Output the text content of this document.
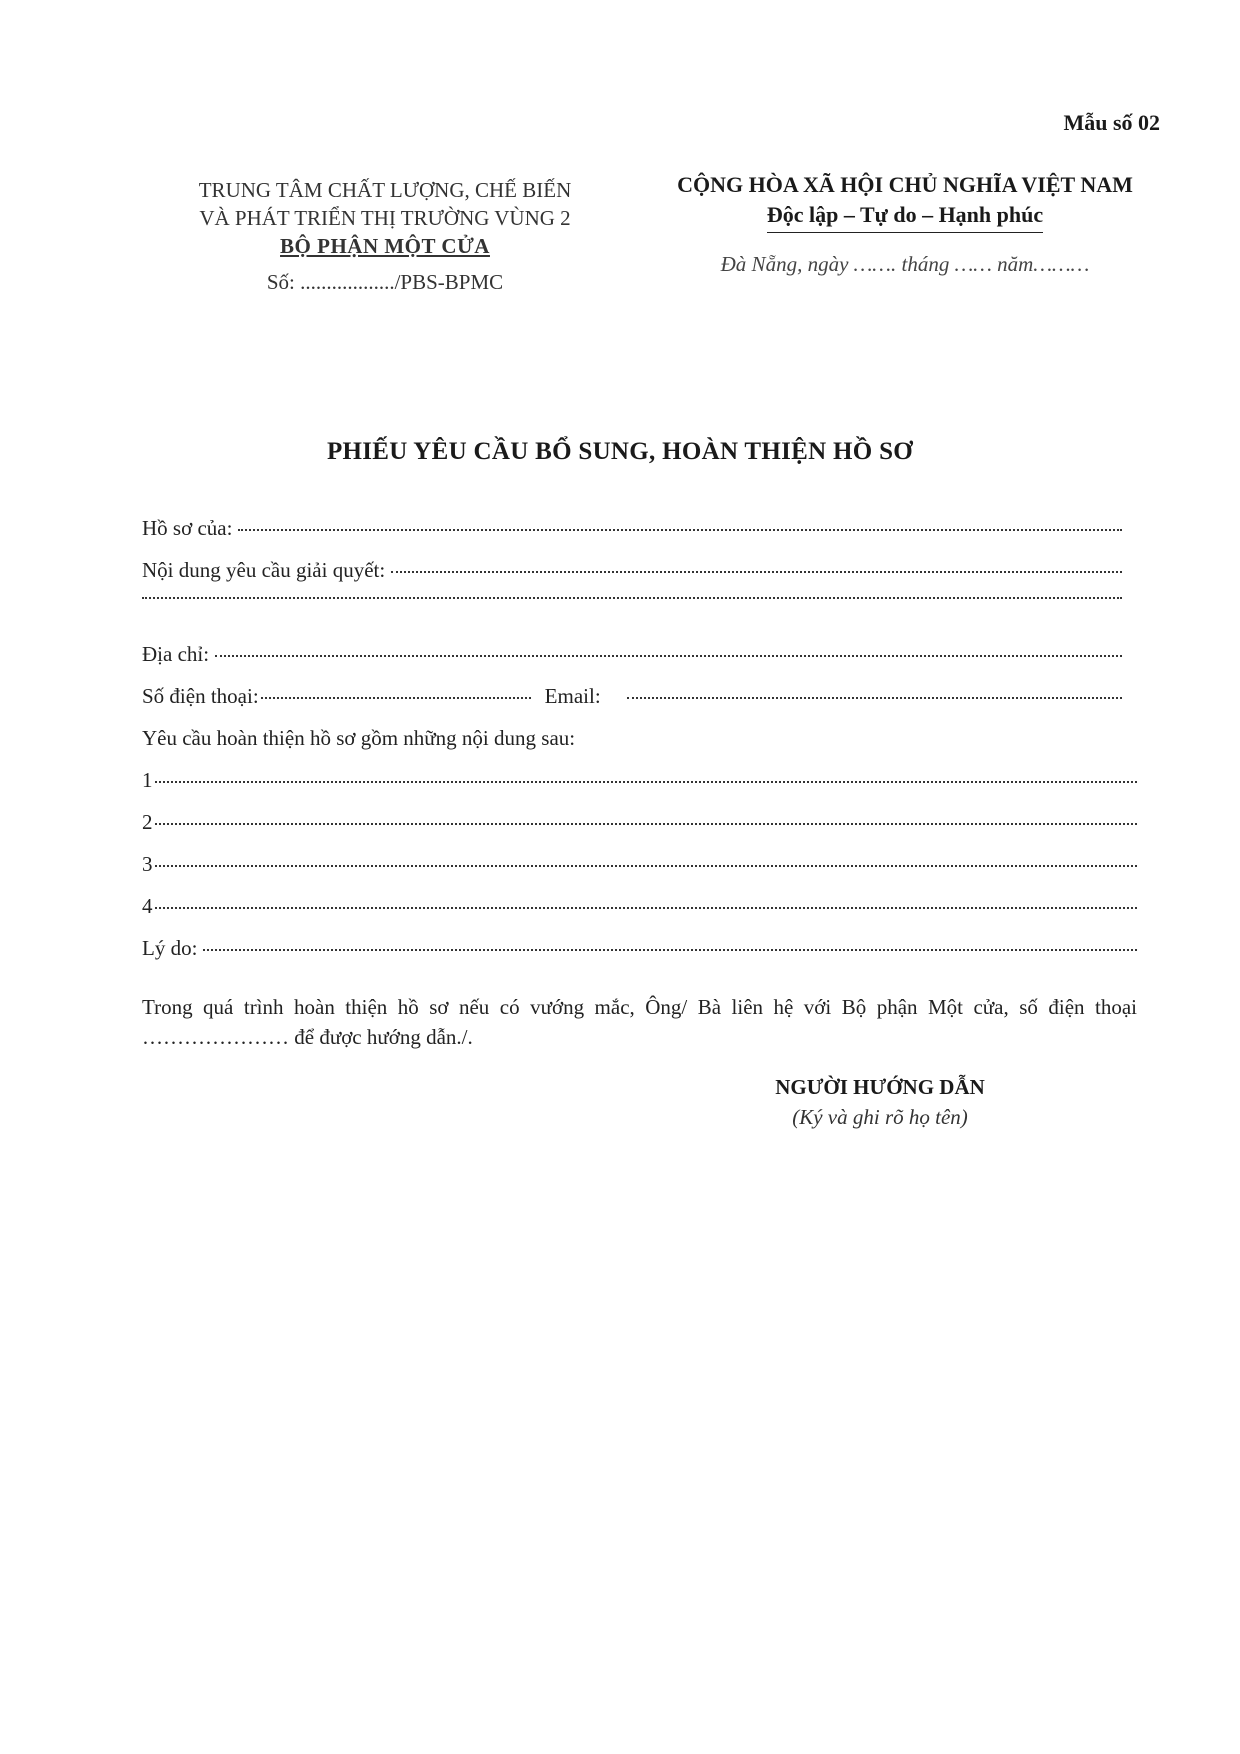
Mẫu số 02
TRUNG TÂM CHẤT LƯỢNG, CHẾ BIẾN
VÀ PHÁT TRIỂN THỊ TRƯỜNG VÙNG 2
BỘ PHẬN MỘT CỬA
Số: ................../PBS-BPMC
CỘNG HÒA XÃ HỘI CHỦ NGHĨA VIỆT NAM
Độc lập – Tự do – Hạnh phúc
Đà Nẵng, ngày ……. tháng …… năm………
PHIẾU YÊU CẦU BỔ SUNG, HOÀN THIỆN HỒ SƠ
Hồ sơ của:
Nội dung yêu cầu giải quyết:
Địa chỉ:
Số điện thoại:	Email:
Yêu cầu hoàn thiện hồ sơ gồm những nội dung sau:
1
2
3
4
Lý do:
Trong quá trình hoàn thiện hồ sơ nếu có vướng mắc, Ông/ Bà liên hệ với Bộ phận Một cửa, số điện thoại ………………… để được hướng dẫn./.
NGƯỜI HƯỚNG DẪN
(Ký và ghi rõ họ tên)
